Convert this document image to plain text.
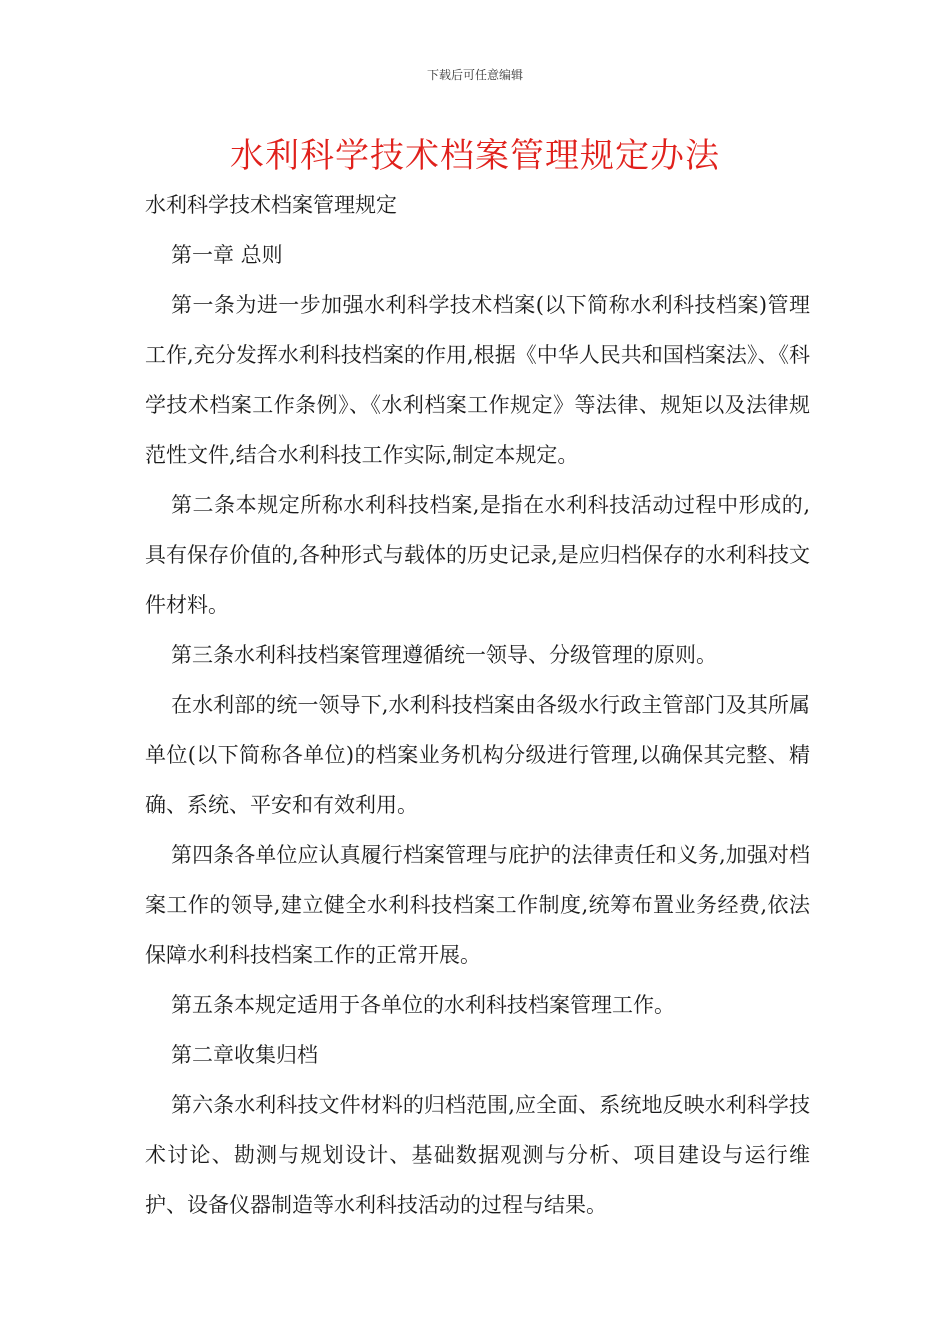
下载后可任意编辑
水利科学技术档案管理规定办法

水利科学技术档案管理规定

第一章 总则

第一条为进一步加强水利科学技术档案(以下简称水利科技档案)管理工作,充分发挥水利科技档案的作用,根据《中华人民共和国档案法》、《科学技术档案工作条例》、《水利档案工作规定》等法律、规矩以及法律规范性文件,结合水利科技工作实际,制定本规定。

第二条本规定所称水利科技档案,是指在水利科技活动过程中形成的,具有保存价值的,各种形式与载体的历史记录,是应归档保存的水利科技文件材料。

第三条水利科技档案管理遵循统一领导、分级管理的原则。

在水利部的统一领导下,水利科技档案由各级水行政主管部门及其所属单位(以下简称各单位)的档案业务机构分级进行管理,以确保其完整、精确、系统、平安和有效利用。

第四条各单位应认真履行档案管理与庇护的法律责任和义务,加强对档案工作的领导,建立健全水利科技档案工作制度,统筹布置业务经费,依法保障水利科技档案工作的正常开展。

第五条本规定适用于各单位的水利科技档案管理工作。

第二章收集归档

第六条水利科技文件材料的归档范围,应全面、系统地反映水利科学技术讨论、勘测与规划设计、基础数据观测与分析、项目建设与运行维护、设备仪器制造等水利科技活动的过程与结果。
